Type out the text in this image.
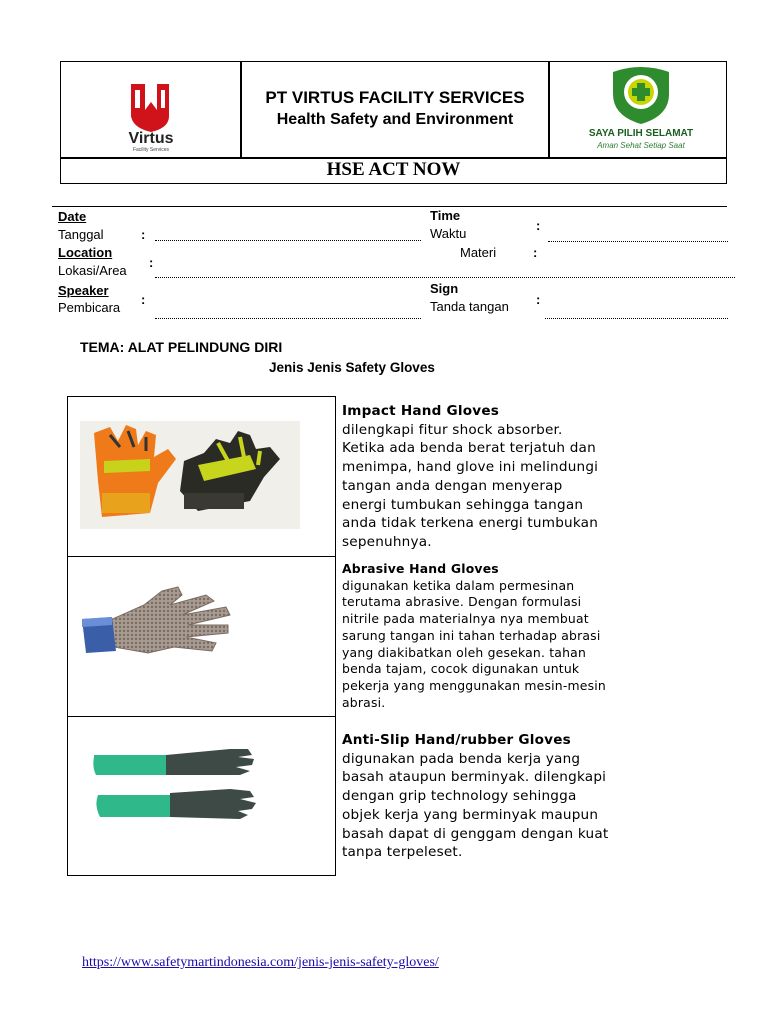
Virtus
Facility Services
PT VIRTUS FACILITY SERVICES
Health Safety and Environment
SAYA PILIH SELAMAT
Aman Sehat Setiap Saat
HSE ACT NOW
Date
Tanggal	:
Location
Lokasi/Area
:
Speaker
Pembicara
:
Time
Waktu
:
Materi	:
Sign
Tanda tangan :
TEMA: ALAT PELINDUNG DIRI
Jenis Jenis Safety Gloves
Impact Hand Gloves
dilengkapi fitur shock absorber.
Ketika ada benda berat terjatuh dan
menimpa, hand glove ini melindungi
tangan anda dengan menyerap
energi tumbukan sehingga tangan
anda tidak terkena energi tumbukan
sepenuhnya.
Abrasive Hand Gloves
digunakan ketika dalam permesinan
terutama abrasive. Dengan formulasi
nitrile pada materialnya nya membuat
sarung tangan ini tahan terhadap abrasi
yang diakibatkan oleh gesekan. tahan
benda tajam, cocok digunakan untuk
pekerja yang menggunakan mesin-mesin
abrasi.
Anti-Slip Hand/rubber Gloves
digunakan pada benda kerja yang
basah ataupun berminyak. dilengkapi
dengan grip technology sehingga
objek kerja yang berminyak maupun
basah dapat di genggam dengan kuat
tanpa terpeleset.
https://www.safetymartindonesia.com/jenis-jenis-safety-gloves/
